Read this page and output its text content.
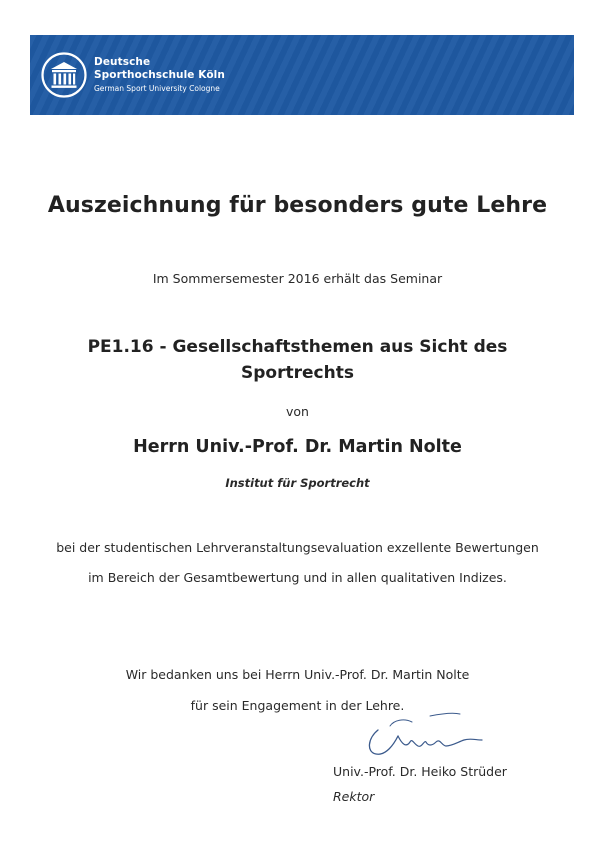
Deutsche
Sporthochschule Köln
German Sport University Cologne
Auszeichnung für besonders gute Lehre
Im Sommersemester 2016 erhält das Seminar
PE1.16 - Gesellschaftsthemen aus Sicht des
Sportrechts
von
Herrn Univ.-Prof. Dr. Martin Nolte
Institut für Sportrecht
bei der studentischen Lehrveranstaltungsevaluation exzellente Bewertungen
im Bereich der Gesamtbewertung und in allen qualitativen Indizes.
Wir bedanken uns bei Herrn Univ.-Prof. Dr. Martin Nolte
für sein Engagement in der Lehre.
Univ.-Prof. Dr. Heiko Strüder
Rektor
